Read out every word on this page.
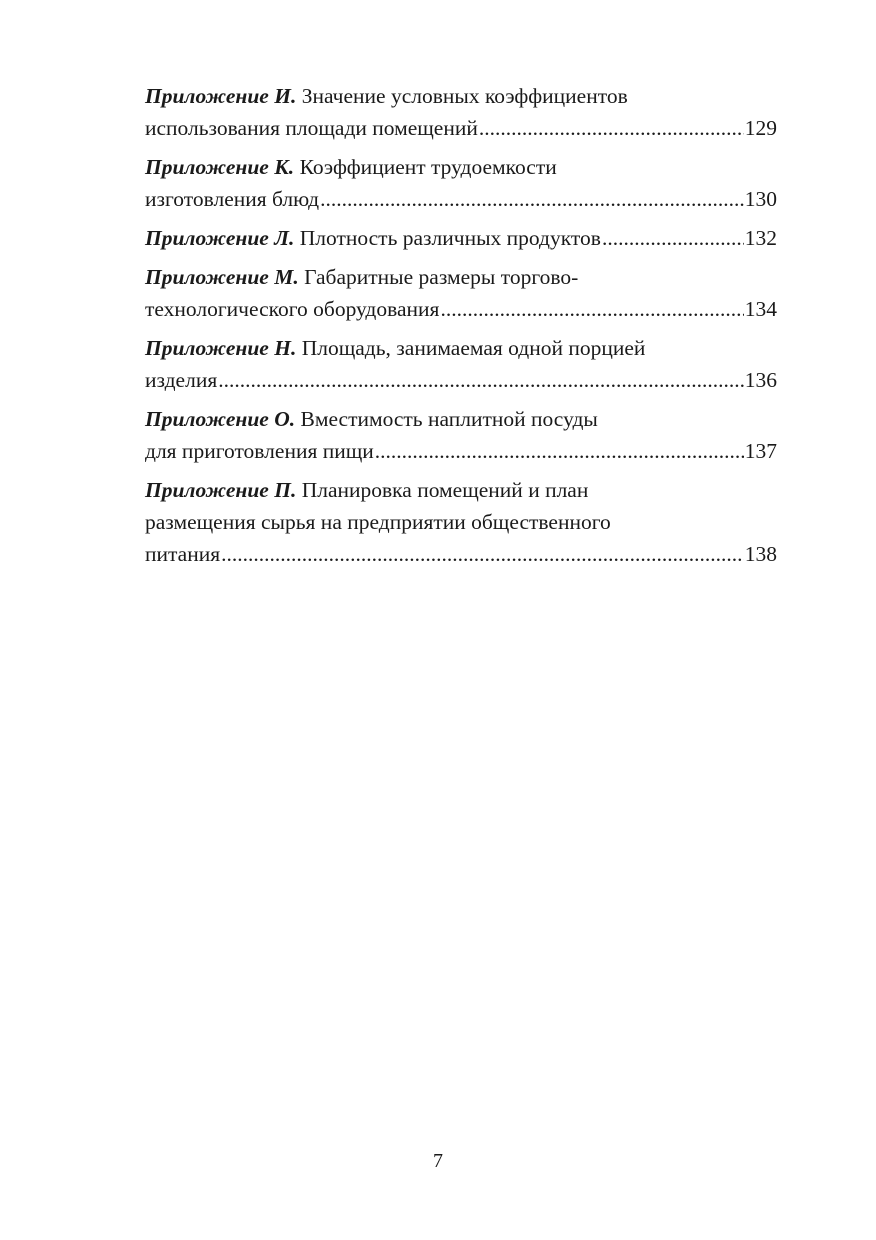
Приложение И. Значение условных коэффициентов
использования площади помещений .....	129
Приложение К. Коэффициент трудоемкости
изготовления блюд .....	130
Приложение Л. Плотность различных продуктов .....	132
Приложение М. Габаритные размеры торгово-
технологического оборудования .....	134
Приложение Н. Площадь, занимаемая одной порцией
изделия .....	136
Приложение О. Вместимость наплитной посуды
для приготовления пищи .....	137
Приложение П. Планировка помещений и план
размещения сырья на предприятии общественного
питания .....	138
7
